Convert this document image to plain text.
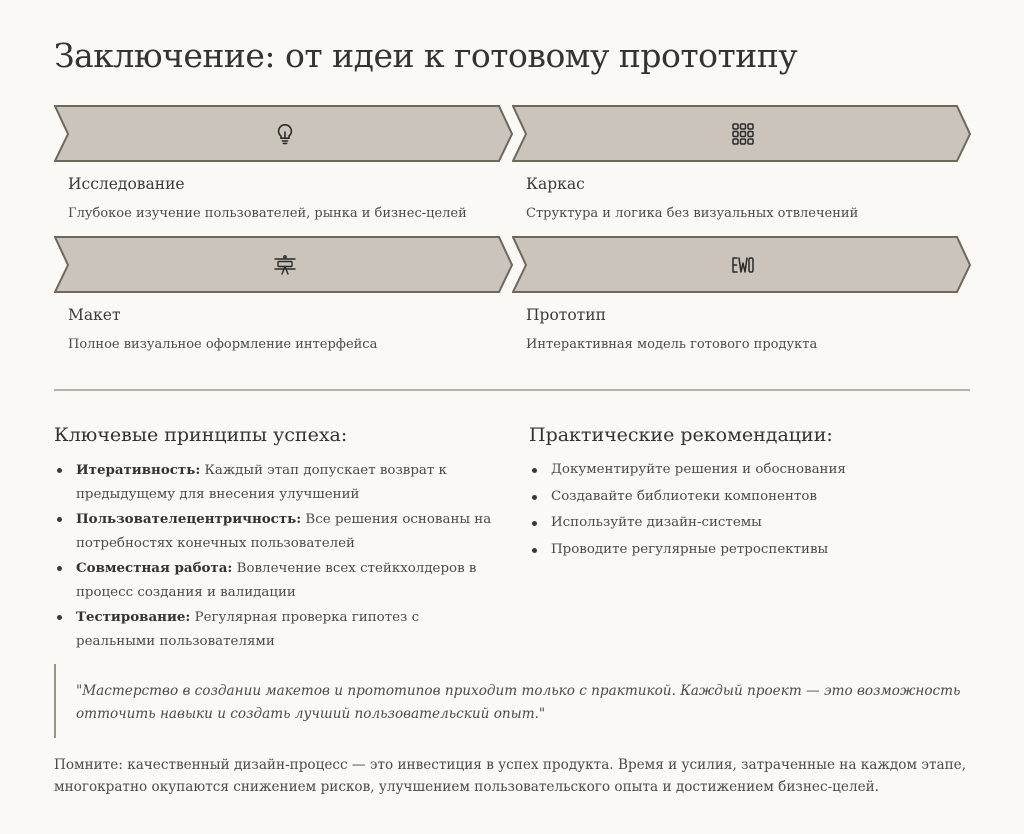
Заключение: от идеи к готовому прототипу
Исследование
Глубокое изучение пользователей, рынка и бизнес-целей
Каркас
Структура и логика без визуальных отвлечений
Макет
Полное визуальное оформление интерфейса
Прототип
Интерактивная модель готового продукта
Ключевые принципы успеха:
Итеративность: Каждый этап допускает возврат к предыдущему для внесения улучшений
Пользователецентричность: Все решения основаны на потребностях конечных пользователей
Совместная работа: Вовлечение всех стейкхолдеров в процесс создания и валидации
Тестирование: Регулярная проверка гипотез с реальными пользователями
Практические рекомендации:
Документируйте решения и обоснования
Создавайте библиотеки компонентов
Используйте дизайн-системы
Проводите регулярные ретроспективы
"Мастерство в создании макетов и прототипов приходит только с практикой. Каждый проект — это возможность отточить навыки и создать лучший пользовательский опыт."

Помните: качественный дизайн-процесс — это инвестиция в успех продукта. Время и усилия, затраченные на каждом этапе, многократно окупаются снижением рисков, улучшением пользовательского опыта и достижением бизнес-целей.
